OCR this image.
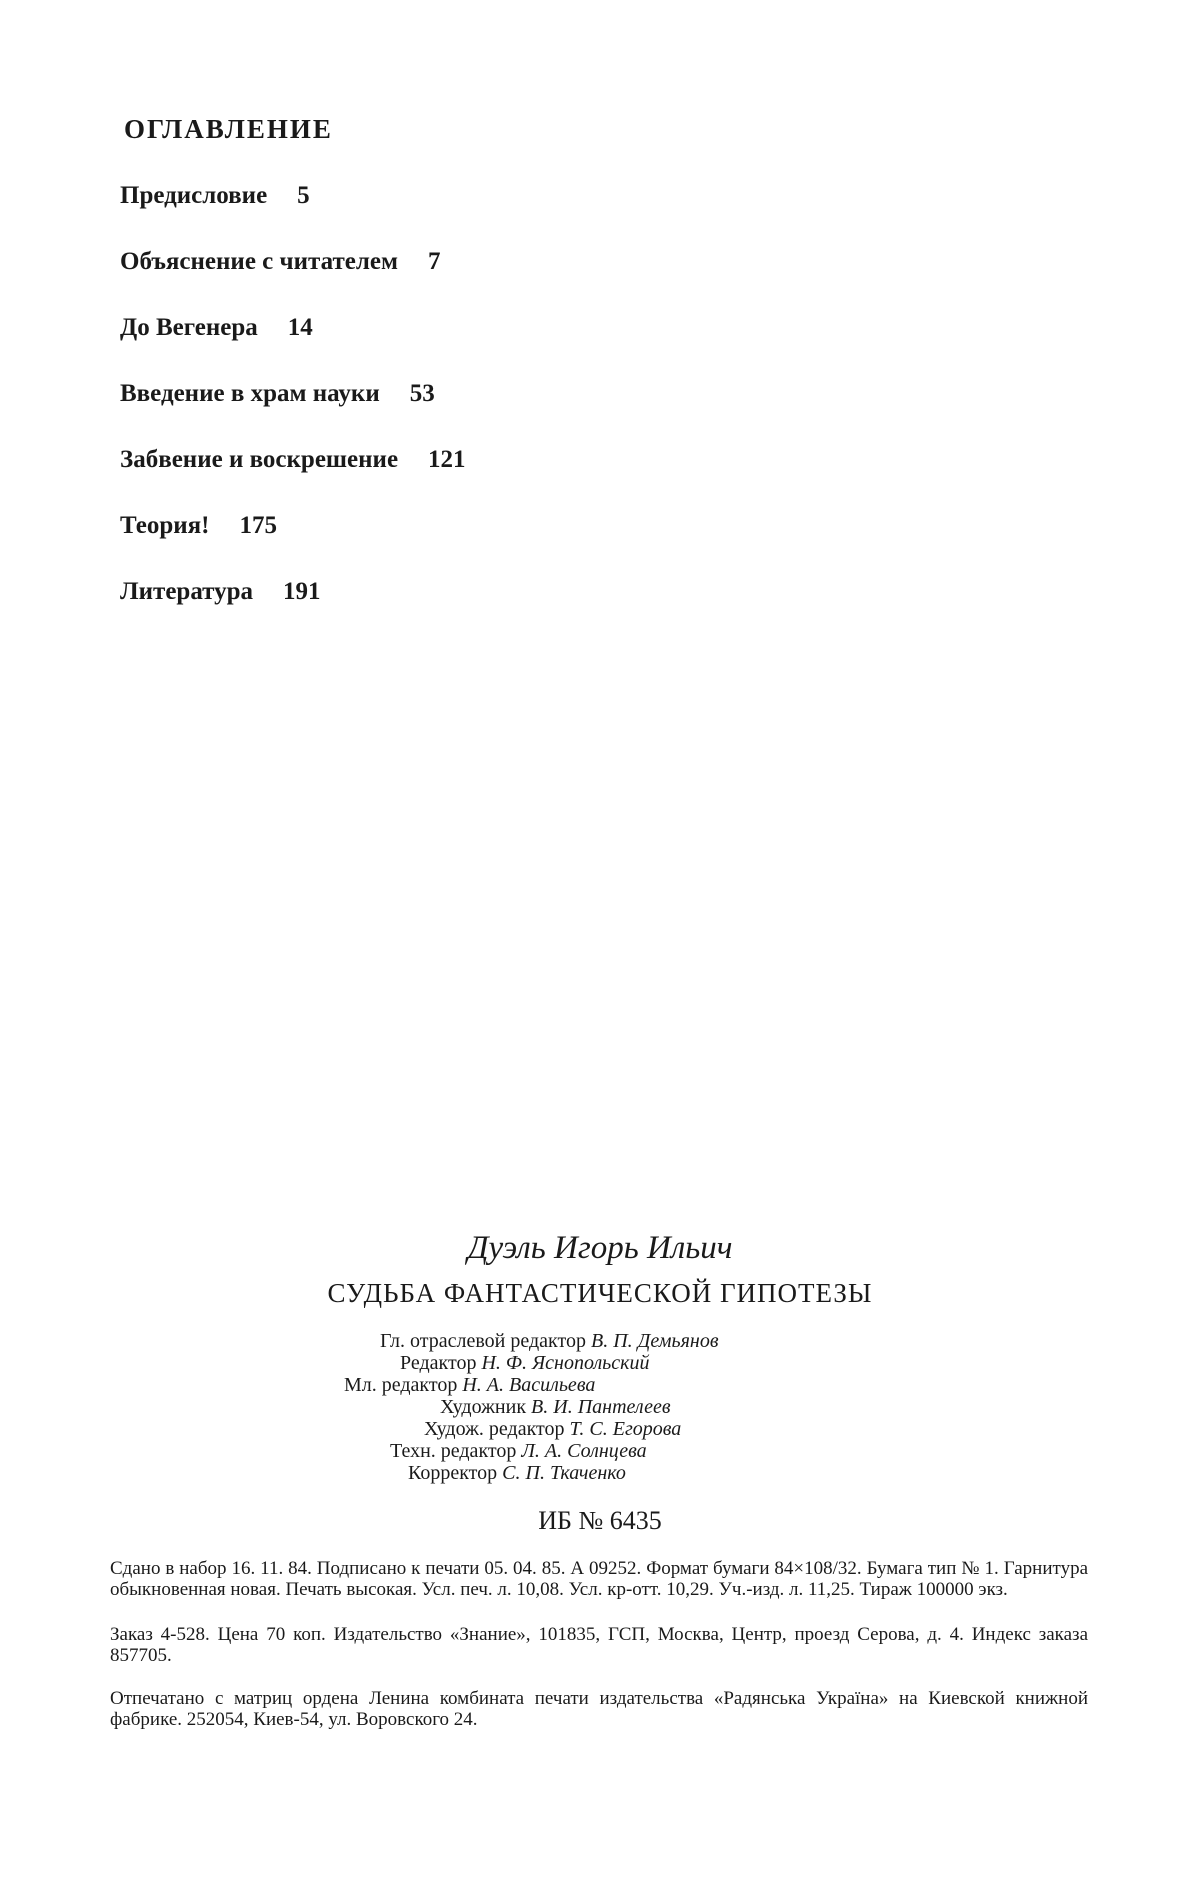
ОГЛАВЛЕНИЕ
Предисловие 5
Объяснение с читателем 7
До Вегенера 14
Введение в храм науки 53
Забвение и воскрешение 121
Теория! 175
Литература 191
Дуэль Игорь Ильич
СУДЬБА ФАНТАСТИЧЕСКОЙ ГИПОТЕЗЫ
Гл. отраслевой редактор В. П. Демьянов
Редактор Н. Ф. Яснопольский
Мл. редактор Н. А. Васильева
Художник В. И. Пантелеев
Худож. редактор Т. С. Егорова
Техн. редактор Л. А. Солнцева
Корректор С. П. Ткаченко
ИБ № 6435

Сдано в набор 16. 11. 84. Подписано к печати 05. 04. 85. А 09252. Формат бумаги 84×108/32. Бумага тип № 1. Гарнитура обыкновенная новая. Печать высокая. Усл. печ. л. 10,08. Усл. кр-отт. 10,29. Уч.-изд. л. 11,25. Тираж 100000 экз.

Заказ 4-528. Цена 70 коп. Издательство «Знание», 101835, ГСП, Москва, Центр, проезд Серова, д. 4. Индекс заказа 857705.

Отпечатано с матриц ордена Ленина комбината печати издательства «Радянська Україна» на Киевской книжной фабрике. 252054, Киев-54, ул. Воровского 24.
